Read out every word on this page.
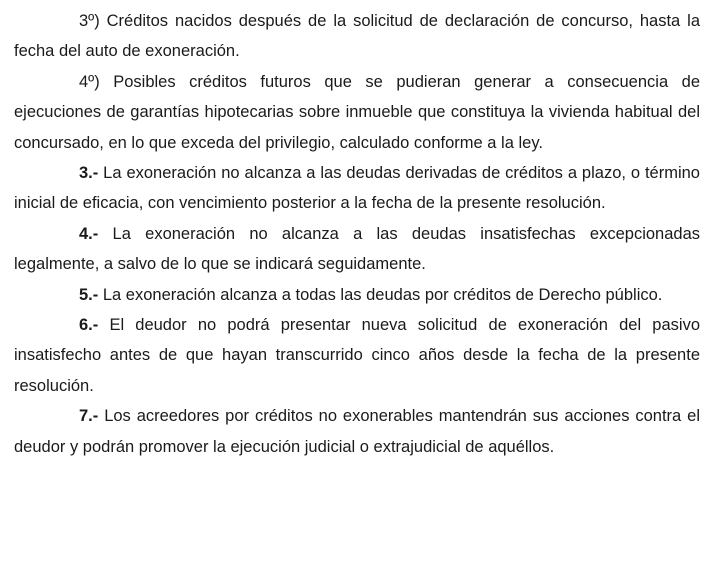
3º) Créditos nacidos después de la solicitud de declaración de concurso, hasta la fecha del auto de exoneración.

4º) Posibles créditos futuros que se pudieran generar a consecuencia de ejecuciones de garantías hipotecarias sobre inmueble que constituya la vivienda habitual del concursado, en lo que exceda del privilegio, calculado conforme a la ley.

3.- La exoneración no alcanza a las deudas derivadas de créditos a plazo, o término inicial de eficacia, con vencimiento posterior a la fecha de la presente resolución.

4.- La exoneración no alcanza a las deudas insatisfechas excepcionadas legalmente, a salvo de lo que se indicará seguidamente.

5.- La exoneración alcanza a todas las deudas por créditos de Derecho público.

6.- El deudor no podrá presentar nueva solicitud de exoneración del pasivo insatisfecho antes de que hayan transcurrido cinco años desde la fecha de la presente resolución.

7.- Los acreedores por créditos no exonerables mantendrán sus acciones contra el deudor y podrán promover la ejecución judicial o extrajudicial de aquéllos.
